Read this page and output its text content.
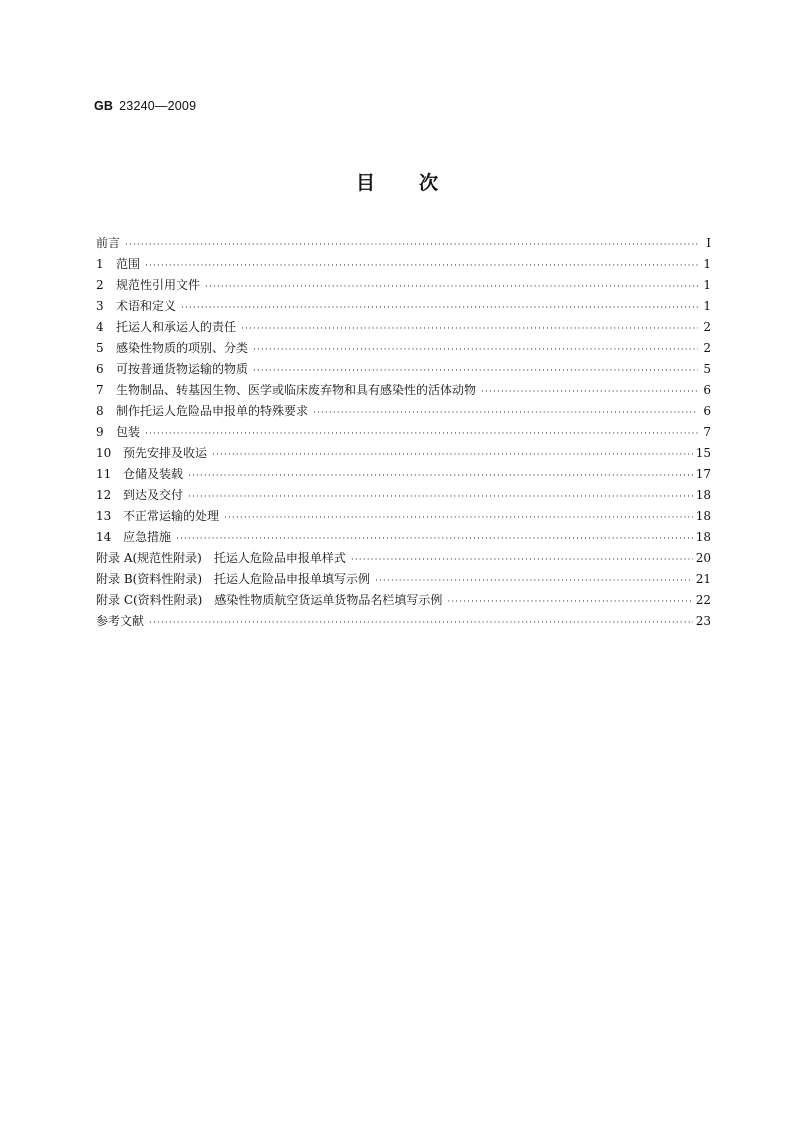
GB 23240—2009
目次
前言 ·····	Ⅰ
1	范围 ·····	1
2	规范性引用文件 ·····	1
3	术语和定义 ·····	1
4	托运人和承运人的责任 ·····	2
5	感染性物质的项别、分类 ·····	2
6	可按普通货物运输的物质 ·····	5
7	生物制品、转基因生物、医学或临床废弃物和具有感染性的活体动物 ·····	6
8	制作托运人危险品申报单的特殊要求 ·····	6
9	包装 ·····	7
10 预先安排及收运 ·····	15
11 仓储及装载 ·····	17
12 到达及交付 ·····	18
13 不正常运输的处理 ·····	18
14 应急措施 ·····	18
附录 A(规范性附录)　托运人危险品申报单样式 ·····	20
附录 B(资料性附录)　托运人危险品申报单填写示例 ·····	21
附录 C(资料性附录)　感染性物质航空货运单货物品名栏填写示例 ·····	22
参考文献 ·····	23
